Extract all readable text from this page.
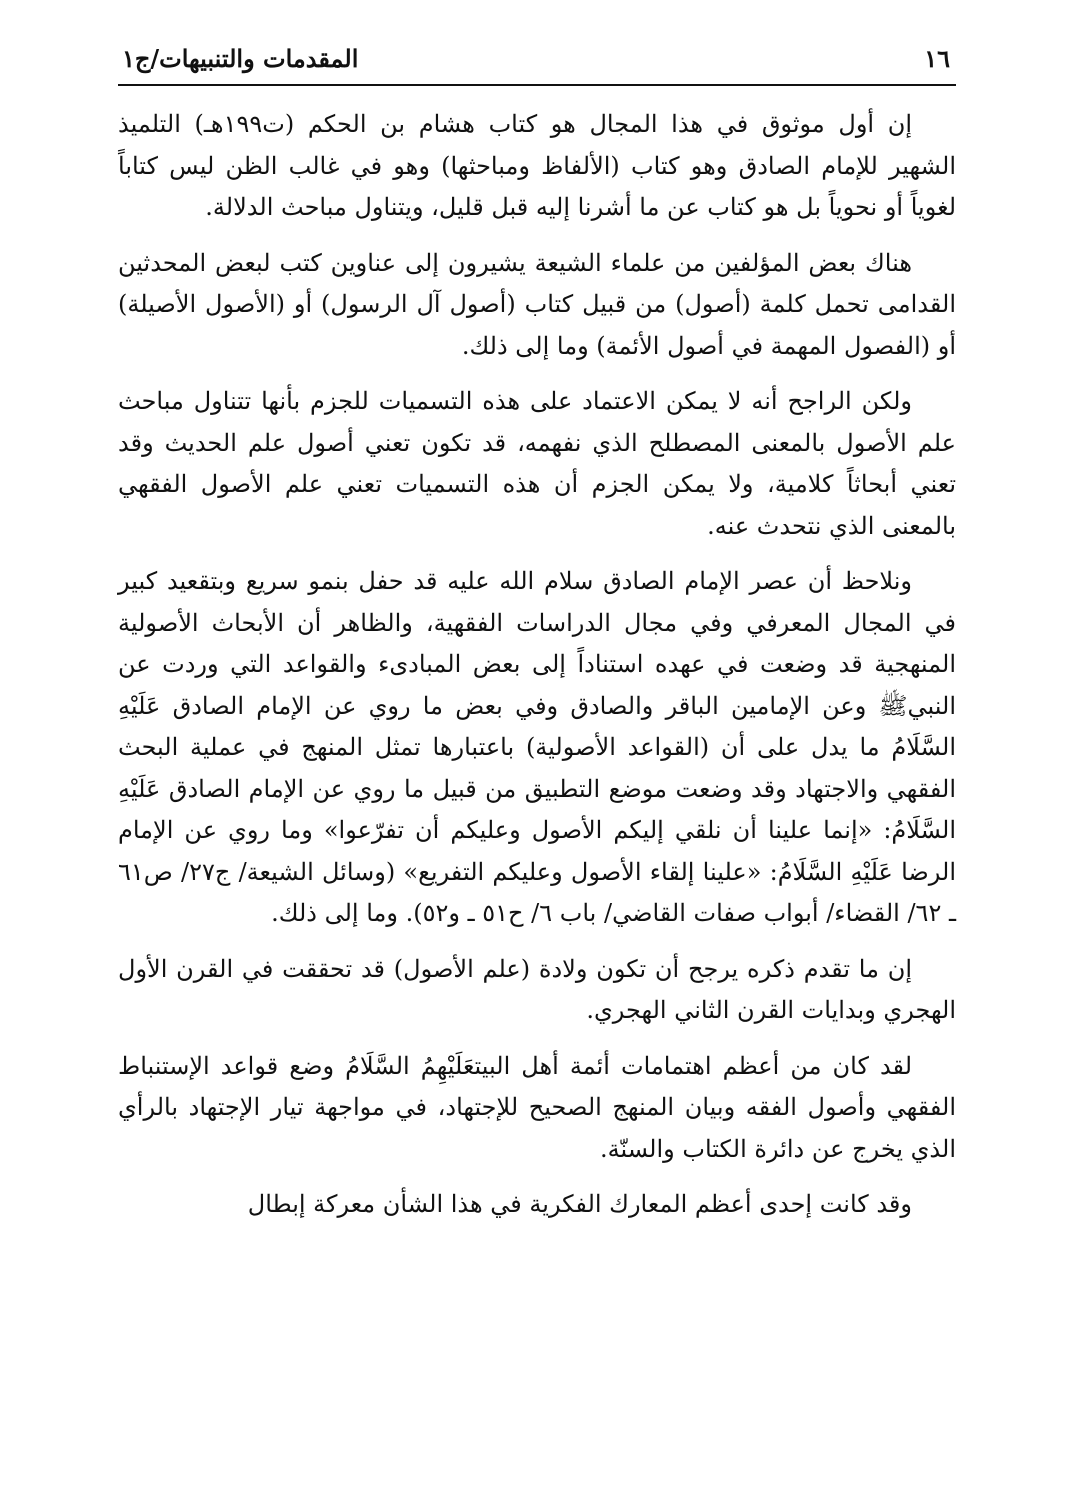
١٦
المقدمات والتنبيهات/ج١

إن أول موثوق في هذا المجال هو كتاب هشام بن الحكم (ت١٩٩هـ) التلميذ الشهير للإمام الصادق وهو كتاب (الألفاظ ومباحثها) وهو في غالب الظن ليس كتاباً لغوياً أو نحوياً بل هو كتاب عن ما أشرنا إليه قبل قليل، ويتناول مباحث الدلالة.

هناك بعض المؤلفين من علماء الشيعة يشيرون إلى عناوين كتب لبعض المحدثين القدامى تحمل كلمة (أصول) من قبيل كتاب (أصول آل الرسول) أو (الأصول الأصيلة) أو (الفصول المهمة في أصول الأئمة) وما إلى ذلك.

ولكن الراجح أنه لا يمكن الاعتماد على هذه التسميات للجزم بأنها تتناول مباحث علم الأصول بالمعنى المصطلح الذي نفهمه، قد تكون تعني أصول علم الحديث وقد تعني أبحاثاً كلامية، ولا يمكن الجزم أن هذه التسميات تعني علم الأصول الفقهي بالمعنى الذي نتحدث عنه.

ونلاحظ أن عصر الإمام الصادق سلام الله عليه قد حفل بنمو سريع وبتقعيد كبير في المجال المعرفي وفي مجال الدراسات الفقهية، والظاهر أن الأبحاث الأصولية المنهجية قد وضعت في عهده استناداً إلى بعض المبادىء والقواعد التي وردت عن النبيﷺ وعن الإمامين الباقر والصادق وفي بعض ما روي عن الإمام الصادق عَلَيْهِ السَّلَامُ ما يدل على أن (القواعد الأصولية) باعتبارها تمثل المنهج في عملية البحث الفقهي والاجتهاد وقد وضعت موضع التطبيق من قبيل ما روي عن الإمام الصادق عَلَيْهِ السَّلَامُ: «إنما علينا أن نلقي إليكم الأصول وعليكم أن تفرّعوا» وما روي عن الإمام الرضا عَلَيْهِ السَّلَامُ: «علينا إلقاء الأصول وعليكم التفريع» (وسائل الشيعة/ ج٢٧/ ص٦١ ـ ٦٢/ القضاء/ أبواب صفات القاضي/ باب ٦/ ح٥١ ـ و٥٢). وما إلى ذلك.

إن ما تقدم ذكره يرجح أن تكون ولادة (علم الأصول) قد تحققت في القرن الأول الهجري وبدايات القرن الثاني الهجري.

لقد كان من أعظم اهتمامات أئمة أهل البيتعَلَيْهِمُ السَّلَامُ وضع قواعد الإستنباط الفقهي وأصول الفقه وبيان المنهج الصحيح للإجتهاد، في مواجهة تيار الإجتهاد بالرأي الذي يخرج عن دائرة الكتاب والسنّة.

وقد كانت إحدى أعظم المعارك الفكرية في هذا الشأن معركة إبطال
